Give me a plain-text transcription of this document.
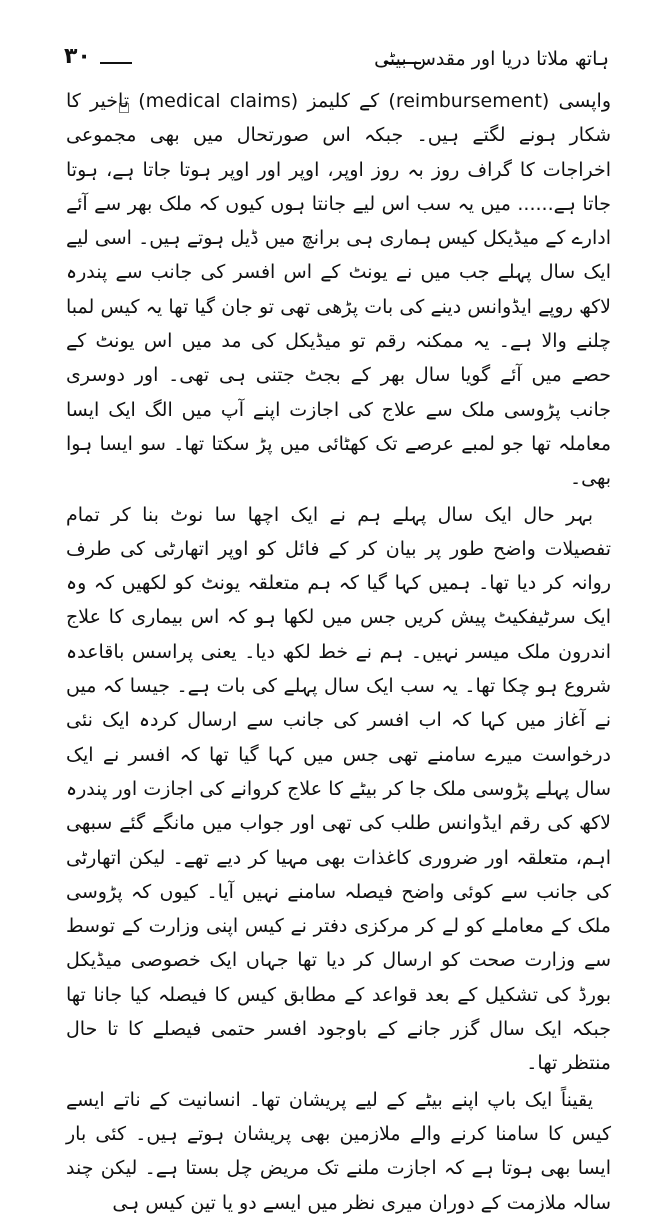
ہاتھ ملاتا دریا اور مقدس بیٹی
۳۰

واپسی (reimbursement) کے کلیمز (medical claims) تاخیر کا شکار ہونے لگتے ہیں۔ جبکہ اس صورتحال میں بھی مجموعی اخراجات کا گراف روز بہ روز اوپر، اوپر اور اوپر ہوتا جاتا ہے، ہوتا جاتا ہے...... میں یہ سب اس لیے جانتا ہوں کیوں کہ ملک بھر سے آئے ادارے کے میڈیکل کیس ہماری ہی برانچ میں ڈیل ہوتے ہیں۔ اسی لیے ایک سال پہلے جب میں نے یونٹ کے اس افسر کی جانب سے پندرہ لاکھ روپے ایڈوانس دینے کی بات پڑھی تھی تو جان گیا تھا یہ کیس لمبا چلنے والا ہے۔ یہ ممکنہ رقم تو میڈیکل کی مد میں اس یونٹ کے حصے میں آئے گویا سال بھر کے بجٹ جتنی ہی تھی۔ اور دوسری جانب پڑوسی ملک سے علاج کی اجازت اپنے آپ میں الگ ایک ایسا معاملہ تھا جو لمبے عرصے تک کھٹائی میں پڑ سکتا تھا۔ سو ایسا ہوا بھی۔

بہر حال ایک سال پہلے ہم نے ایک اچھا سا نوٹ بنا کر تمام تفصیلات واضح طور پر بیان کر کے فائل کو اوپر اتھارٹی کی طرف روانہ کر دیا تھا۔ ہمیں کہا گیا کہ ہم متعلقہ یونٹ کو لکھیں کہ وہ ایک سرٹیفکیٹ پیش کریں جس میں لکھا ہو کہ اس بیماری کا علاج اندرون ملک میسر نہیں۔ ہم نے خط لکھ دیا۔ یعنی پراسس باقاعدہ شروع ہو چکا تھا۔ یہ سب ایک سال پہلے کی بات ہے۔ جیسا کہ میں نے آغاز میں کہا کہ اب افسر کی جانب سے ارسال کردہ ایک نئی درخواست میرے سامنے تھی جس میں کہا گیا تھا کہ افسر نے ایک سال پہلے پڑوسی ملک جا کر بیٹے کا علاج کروانے کی اجازت اور پندرہ لاکھ کی رقم ایڈوانس طلب کی تھی اور جواب میں مانگے گئے سبھی اہم، متعلقہ اور ضروری کاغذات بھی مہیا کر دیے تھے۔ لیکن اتھارٹی کی جانب سے کوئی واضح فیصلہ سامنے نہیں آیا۔ کیوں کہ پڑوسی ملک کے معاملے کو لے کر مرکزی دفتر نے کیس اپنی وزارت کے توسط سے وزارت صحت کو ارسال کر دیا تھا جہاں ایک خصوصی میڈیکل بورڈ کی تشکیل کے بعد قواعد کے مطابق کیس کا فیصلہ کیا جانا تھا جبکہ ایک سال گزر جانے کے باوجود افسر حتمی فیصلے کا تا حال منتظر تھا۔

یقیناً ایک باپ اپنے بیٹے کے لیے پریشان تھا۔ انسانیت کے ناتے ایسے کیس کا سامنا کرنے والے ملازمین بھی پریشان ہوتے ہیں۔ کئی بار ایسا بھی ہوتا ہے کہ اجازت ملنے تک مریض چل بستا ہے۔ لیکن چند سالہ ملازمت کے دوران میری نظر میں ایسے دو یا تین کیس ہی
